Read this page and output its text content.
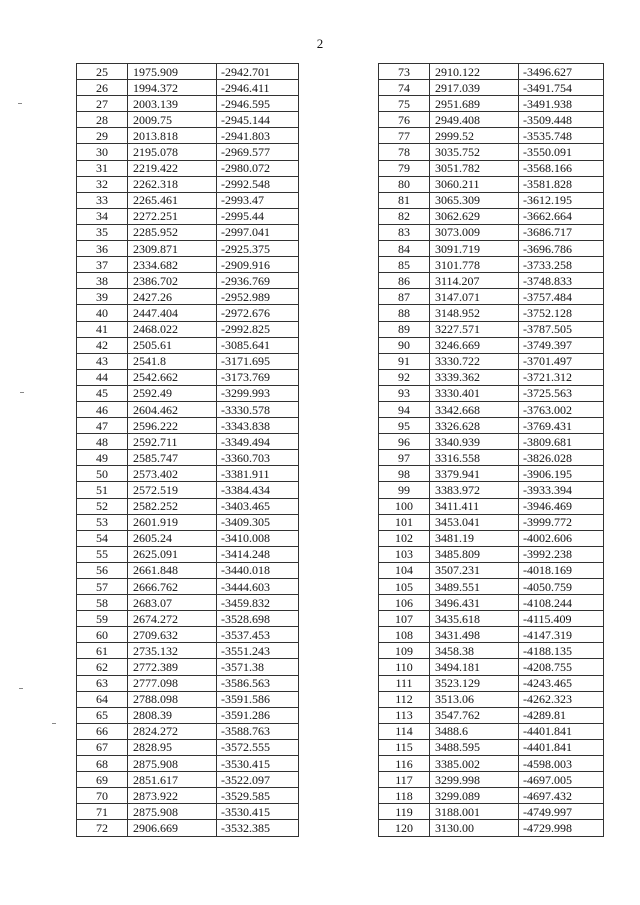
2
25	1975.909	-2942.701
26	1994.372	-2946.411
27	2003.139	-2946.595
28	2009.75	-2945.144
29	2013.818	-2941.803
30	2195.078	-2969.577
31	2219.422	-2980.072
32	2262.318	-2992.548
33	2265.461	-2993.47
34	2272.251	-2995.44
35	2285.952	-2997.041
36	2309.871	-2925.375
37	2334.682	-2909.916
38	2386.702	-2936.769
39	2427.26	-2952.989
40	2447.404	-2972.676
41	2468.022	-2992.825
42	2505.61	-3085.641
43	2541.8	-3171.695
44	2542.662	-3173.769
45	2592.49	-3299.993
46	2604.462	-3330.578
47	2596.222	-3343.838
48	2592.711	-3349.494
49	2585.747	-3360.703
50	2573.402	-3381.911
51	2572.519	-3384.434
52	2582.252	-3403.465
53	2601.919	-3409.305
54	2605.24	-3410.008
55	2625.091	-3414.248
56	2661.848	-3440.018
57	2666.762	-3444.603
58	2683.07	-3459.832
59	2674.272	-3528.698
60	2709.632	-3537.453
61	2735.132	-3551.243
62	2772.389	-3571.38
63	2777.098	-3586.563
64	2788.098	-3591.586
65	2808.39	-3591.286
66	2824.272	-3588.763
67	2828.95	-3572.555
68	2875.908	-3530.415
69	2851.617	-3522.097
70	2873.922	-3529.585
71	2875.908	-3530.415
72	2906.669	-3532.385
73	2910.122	-3496.627
74	2917.039	-3491.754
75	2951.689	-3491.938
76	2949.408	-3509.448
77	2999.52	-3535.748
78	3035.752	-3550.091
79	3051.782	-3568.166
80	3060.211	-3581.828
81	3065.309	-3612.195
82	3062.629	-3662.664
83	3073.009	-3686.717
84	3091.719	-3696.786
85	3101.778	-3733.258
86	3114.207	-3748.833
87	3147.071	-3757.484
88	3148.952	-3752.128
89	3227.571	-3787.505
90	3246.669	-3749.397
91	3330.722	-3701.497
92	3339.362	-3721.312
93	3330.401	-3725.563
94	3342.668	-3763.002
95	3326.628	-3769.431
96	3340.939	-3809.681
97	3316.558	-3826.028
98	3379.941	-3906.195
99	3383.972	-3933.394
100	3411.411	-3946.469
101	3453.041	-3999.772
102	3481.19	-4002.606
103	3485.809	-3992.238
104	3507.231	-4018.169
105	3489.551	-4050.759
106	3496.431	-4108.244
107	3435.618	-4115.409
108	3431.498	-4147.319
109	3458.38	-4188.135
110	3494.181	-4208.755
111	3523.129	-4243.465
112	3513.06	-4262.323
113	3547.762	-4289.81
114	3488.6	-4401.841
115	3488.595	-4401.841
116	3385.002	-4598.003
117	3299.998	-4697.005
118	3299.089	-4697.432
119	3188.001	-4749.997
120	3130.00	-4729.998
